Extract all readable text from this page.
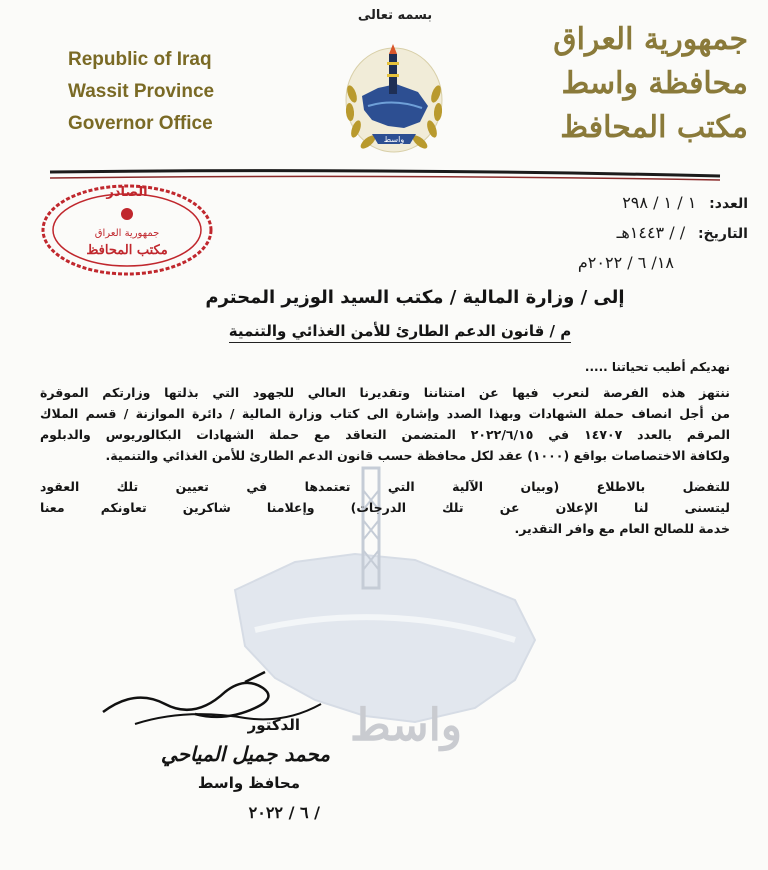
Republic of Iraq
Wassit Province
Governor Office
بسمه تعالى
واسط
جمهورية العراق
محافظة واسط
مكتب المحافظ
الصادر
جمهورية العراق
مكتب المحافظ
العدد: ١ / ١ / ٢٩٨
التاريخ: / / ١٤٤٣هـ
١٨/ ٦ / ٢٠٢٢م
إلى / وزارة المالية / مكتب السيد الوزير المحترم
م / قانون الدعم الطارئ للأمن الغذائي والتنمية
واسط
نهديكم أطيب تحياتنا .....

ننتهز هذه الفرصة لنعرب فيها عن امتناننا وتقديرنا العالي للجهود التي بذلتها وزارتكم الموقرة

من أجل انصاف حملة الشهادات وبهذا الصدد وإشارة الى كتاب وزارة المالية / دائرة الموازنة / قسم الملاك

المرقم بالعدد ١٤٧٠٧ في ٢٠٢٢/٦/١٥ المتضمن التعاقد مع حملة الشهادات البكالوريوس والدبلوم

ولكافة الاختصاصات بواقع (١٠٠٠) عقد لكل محافظة حسب قانون الدعم الطارئ للأمن الغذائي والتنمية.

للتفضل بالاطلاع (وبيان الآلية التي تعتمدها في تعيين تلك العقود

ليتسنى لنا الإعلان عن تلك الدرجات) وإعلامنا شاكرين تعاونكم معنا

خدمة للصالح العام مع وافر التقدير.

الدكتور
محمد جميل المياحي
محافظ واسط
/ ٦ / ٢٠٢٢
